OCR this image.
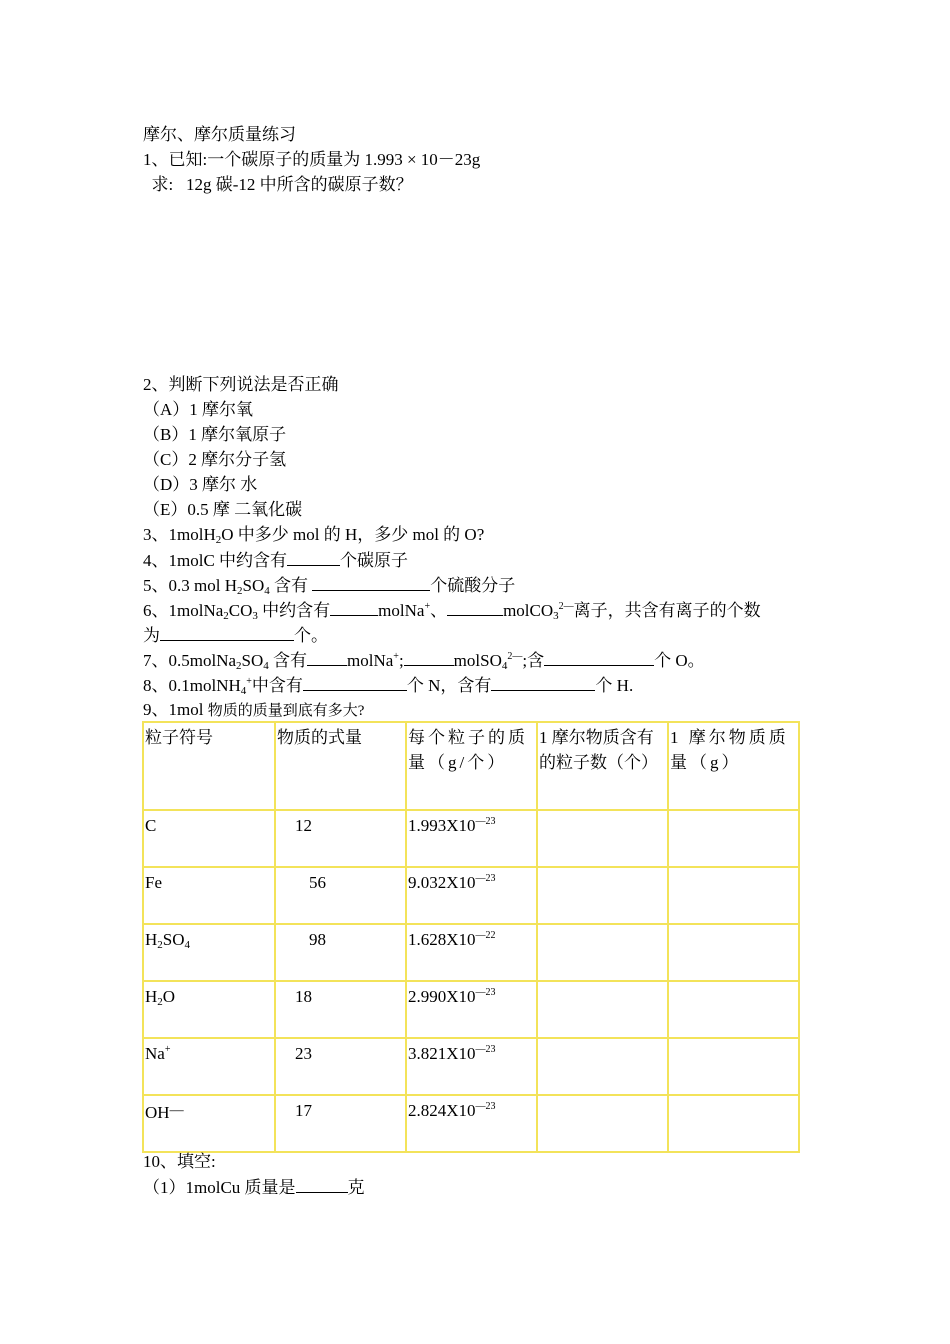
摩尔、摩尔质量练习
1、已知:一个碳原子的质量为 1.993 × 10－23g
求:   12g 碳-12 中所含的碳原子数？
2、判断下列说法是否正确
（A）1 摩尔氧
（B）1 摩尔氧原子
（C）2 摩尔分子氢
（D）3 摩尔 水
（E）0.5 摩 二氧化碳
3、1molH$_2$O 中多少 mol 的 H，多少 mol 的 O?
4、1molC 中约含有	个碳原子
5、0.3 mol $H_2SO_4$ 含有	个硫酸分子
6、$1molNa_2CO_3$ 中约含有	molNa+、	molCO$_3^{2—}$离子，共含有离子的个数
为	个。
7、$0.5molNa_2SO_4$ 含有 molNa+;	molSO$_4^{2—}$;含	个 O。
8、0.1molNH$_4$+中含有	个 N，含有	个 H.
9、1mol 物质的质量到底有多大?
粒子符号	物质的式量	每个粒子的质量（g/个）	1 摩尔物质含有的粒子数（个）	1 摩尔物质质量（g）
C	12	$1.993X10^{—23}$		
Fe	56	$9.032X10^{—23}$		
$H_2SO_4$	98	$1.628X10^{—22}$		
$H_2O$	18	$2.990X10^{—23}$		
Na+	23	$3.821X10^{—23}$		
OH—	17	$2.824X10^{—23}$		
10、填空:
（1）1molCu 质量是	克
